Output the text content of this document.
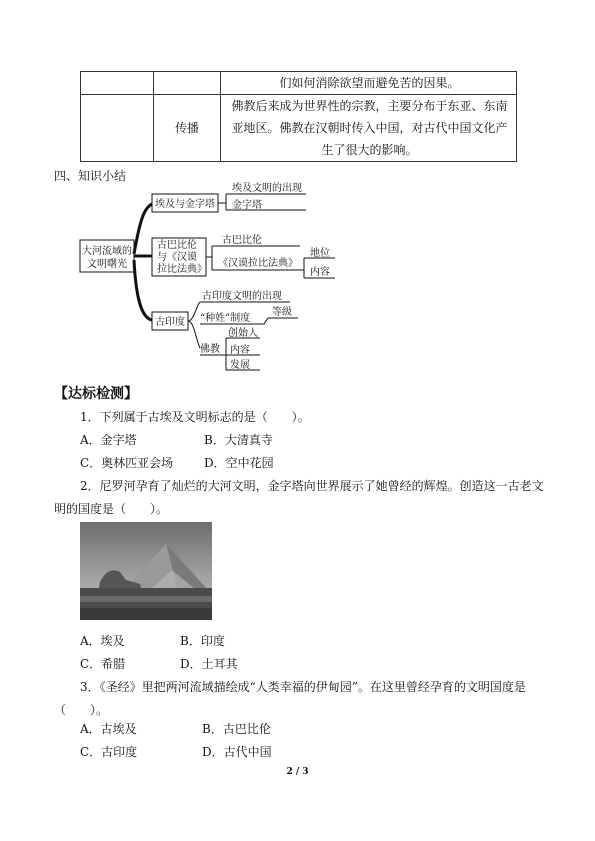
		们如何消除欲望而避免苦的因果。
	传播	佛教后来成为世界性的宗教，主要分布于东亚、东南亚地区。佛教在汉朝时传入中国，对古代中国文化产生了很大的影响。
四、知识小结
大河流域的
文明曙光
埃及与金字塔
埃及文明的出现
金字塔
古巴比伦
与《汉谟
拉比法典》
古巴比伦
《汉谟拉比法典》
地位
内容
古印度
古印度文明的出现
“种姓”制度
等级
佛教
创始人
内容
发展
【达标检测】
1．下列属于古埃及文明标志的是（　　）。
A．金字塔	B．大清真寺
C．奥林匹亚会场	D．空中花园
2．尼罗河孕育了灿烂的大河文明，金字塔向世界展示了她曾经的辉煌。创造这一古老文
明的国度是（　　）。
A．埃及	B．印度
C．希腊	D．土耳其
3．《圣经》里把两河流域描绘成“人类幸福的伊甸园”。在这里曾经孕育的文明国度是
（　　）。
A．古埃及	B．古巴比伦
C．古印度	D．古代中国
2 / 3
